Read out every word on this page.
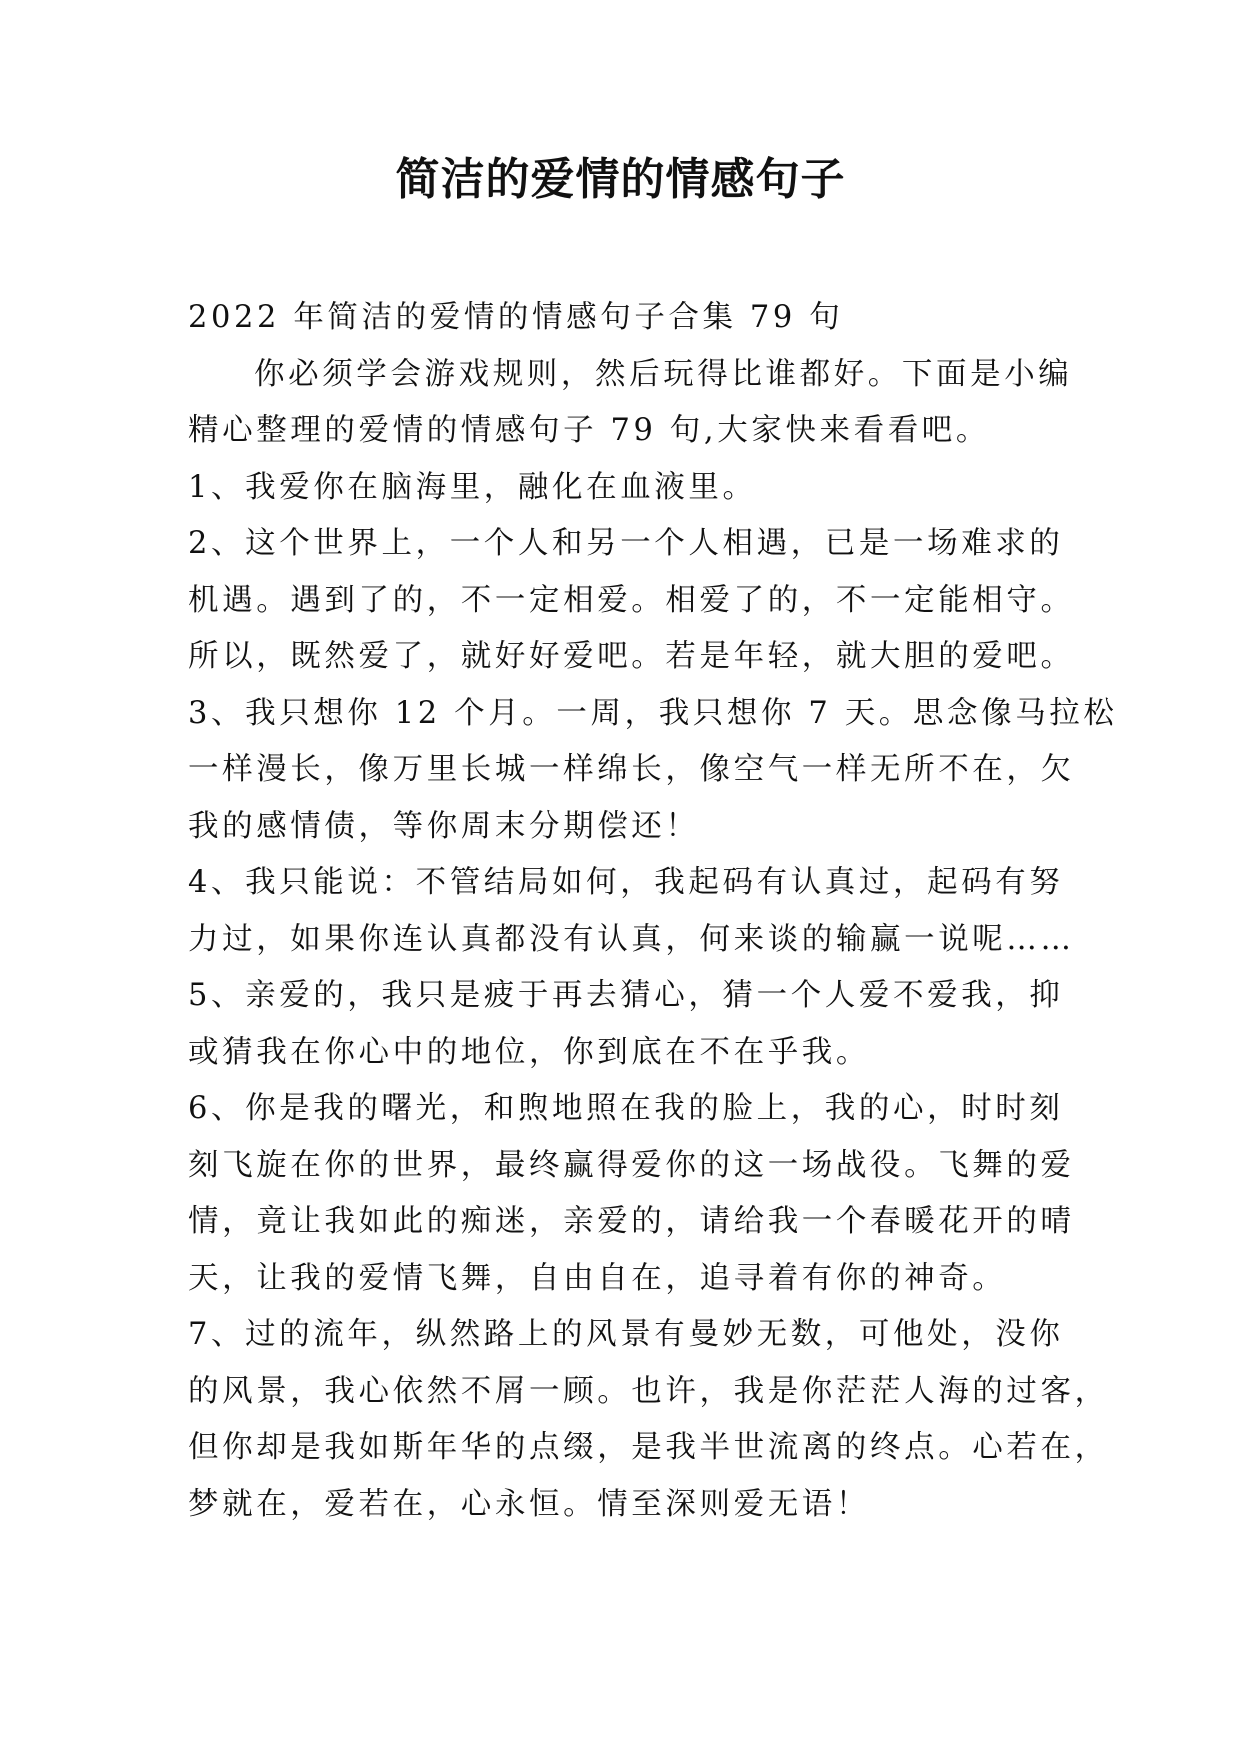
简洁的爱情的情感句子
2022 年简洁的爱情的情感句子合集 79 句
你必须学会游戏规则，然后玩得比谁都好。下面是小编
精心整理的爱情的情感句子 79 句,大家快来看看吧。
1、我爱你在脑海里，融化在血液里。
2、这个世界上，一个人和另一个人相遇，已是一场难求的
机遇。遇到了的，不一定相爱。相爱了的，不一定能相守。
所以，既然爱了，就好好爱吧。若是年轻，就大胆的爱吧。
3、我只想你 12 个月。一周，我只想你 7 天。思念像马拉松
一样漫长，像万里长城一样绵长，像空气一样无所不在，欠
我的感情债，等你周末分期偿还！
4、我只能说：不管结局如何，我起码有认真过，起码有努
力过，如果你连认真都没有认真，何来谈的输赢一说呢……
5、亲爱的，我只是疲于再去猜心，猜一个人爱不爱我，抑
或猜我在你心中的地位，你到底在不在乎我。
6、你是我的曙光，和煦地照在我的脸上，我的心，时时刻
刻飞旋在你的世界，最终赢得爱你的这一场战役。飞舞的爱
情，竟让我如此的痴迷，亲爱的，请给我一个春暖花开的晴
天，让我的爱情飞舞，自由自在，追寻着有你的神奇。
7、过的流年，纵然路上的风景有曼妙无数，可他处，没你
的风景，我心依然不屑一顾。也许，我是你茫茫人海的过客，
但你却是我如斯年华的点缀，是我半世流离的终点。心若在，
梦就在，爱若在，心永恒。情至深则爱无语！
